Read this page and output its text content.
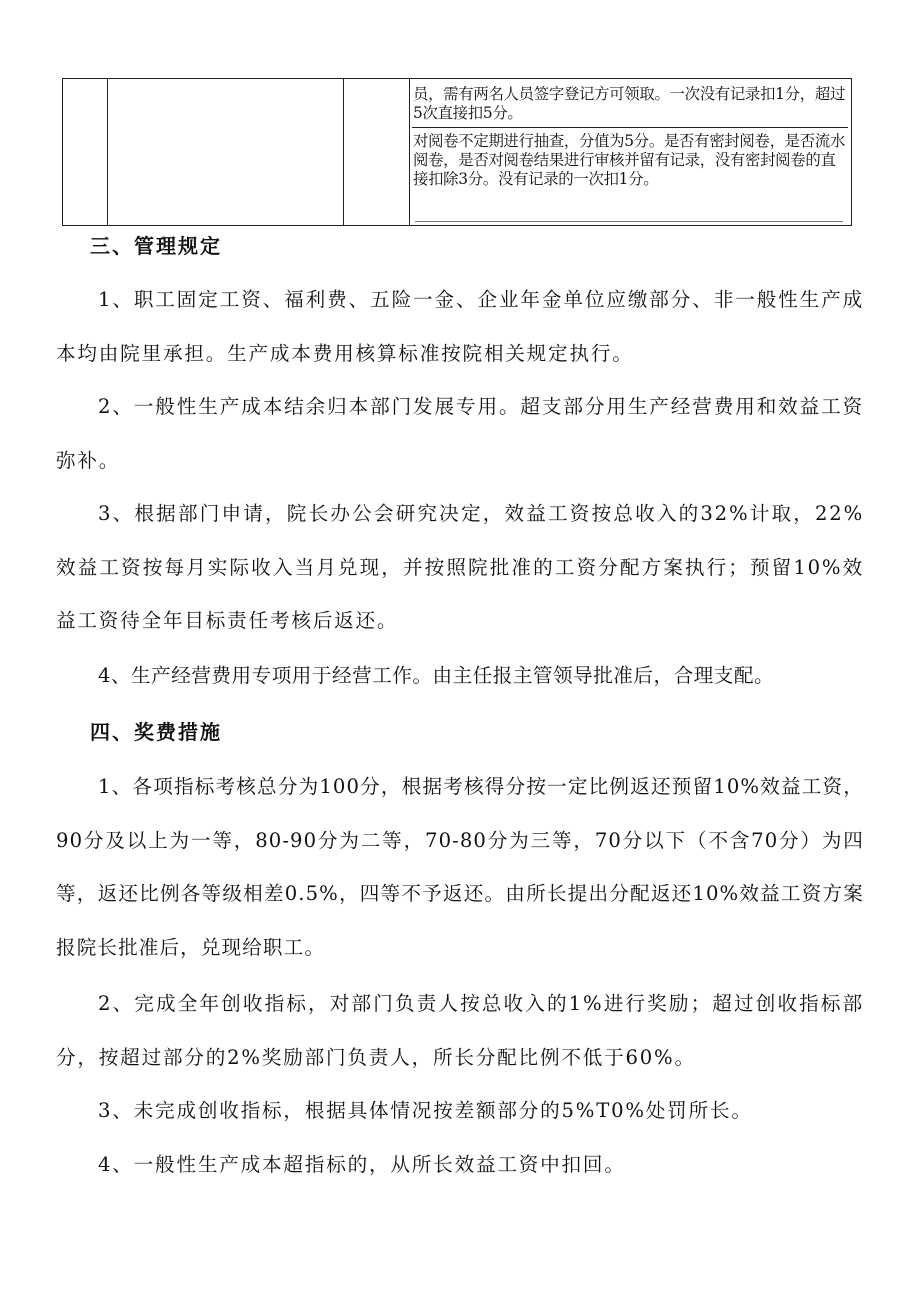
员，需有两名人员签字登记方可领取。一次没有记录扣1分，超过5次直接扣5分。
对阅卷不定期进行抽查，分值为5分。是否有密封阅卷，是否流水阅卷，是否对阅卷结果进行审核并留有记录，没有密封阅卷的直接扣除3分。没有记录的一次扣1分。
三、管理规定
1、职工固定工资、福利费、五险一金、企业年金单位应缴部分、非一般性生产成本均由院里承担。生产成本费用核算标准按院相关规定执行。
2、一般性生产成本结余归本部门发展专用。超支部分用生产经营费用和效益工资弥补。
3、根据部门申请，院长办公会研究决定，效益工资按总收入的32%计取，22%效益工资按每月实际收入当月兑现，并按照院批准的工资分配方案执行；预留10%效益工资待全年目标责任考核后返还。
4、生产经营费用专项用于经营工作。由主任报主管领导批准后，合理支配。
四、奖费措施
1、各项指标考核总分为100分，根据考核得分按一定比例返还预留10%效益工资，90分及以上为一等，80-90分为二等，70-80分为三等，70分以下（不含70分）为四等，返还比例各等级相差0.5%，四等不予返还。由所长提出分配返还10%效益工资方案报院长批准后，兑现给职工。
2、完成全年创收指标，对部门负责人按总收入的1%进行奖励；超过创收指标部分，按超过部分的2%奖励部门负责人，所长分配比例不低于60%。
3、未完成创收指标，根据具体情况按差额部分的5%T0%处罚所长。
4、一般性生产成本超指标的，从所长效益工资中扣回。
